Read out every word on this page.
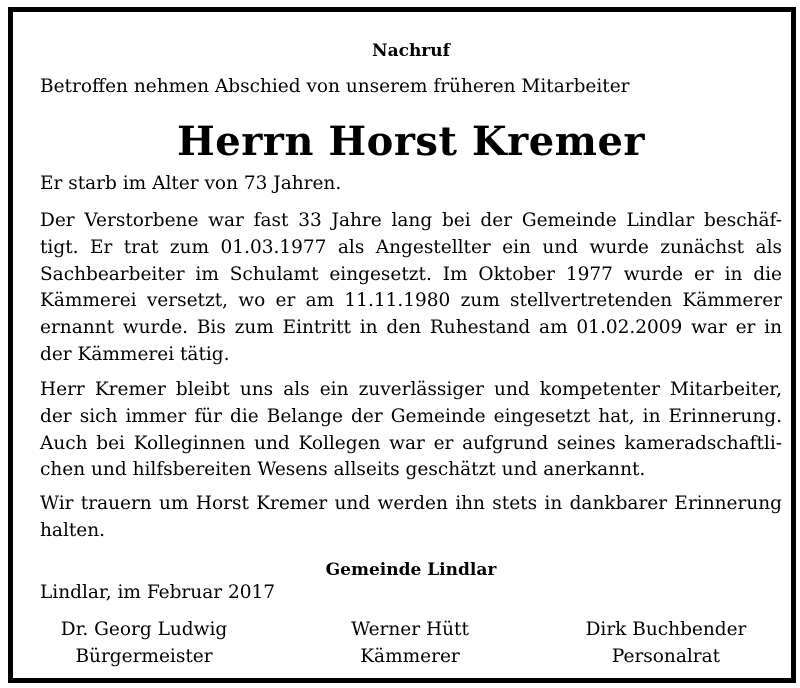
Nachruf
Betroffen nehmen Abschied von unserem früheren Mitarbeiter
Herrn Horst Kremer
Er starb im Alter von 73 Jahren.
Der Verstorbene war fast 33 Jahre lang bei der Gemeinde Lindlar beschäf-
tigt. Er trat zum 01.03.1977 als Angestellter ein und wurde zunächst als
Sachbearbeiter im Schulamt eingesetzt. Im Oktober 1977 wurde er in die
Kämmerei versetzt, wo er am 11.11.1980 zum stellvertretenden Kämmerer
ernannt wurde. Bis zum Eintritt in den Ruhestand am 01.02.2009 war er in
der Kämmerei tätig.
Herr Kremer bleibt uns als ein zuverlässiger und kompetenter Mitarbeiter,
der sich immer für die Belange der Gemeinde eingesetzt hat, in Erinnerung.
Auch bei Kolleginnen und Kollegen war er aufgrund seines kameradschaftli-
chen und hilfsbereiten Wesens allseits geschätzt und anerkannt.
Wir trauern um Horst Kremer und werden ihn stets in dankbarer Erinnerung
halten.
Gemeinde Lindlar
Lindlar, im Februar 2017
Dr. Georg Ludwig
Bürgermeister
Werner Hütt
Kämmerer
Dirk Buchbender
Personalrat
